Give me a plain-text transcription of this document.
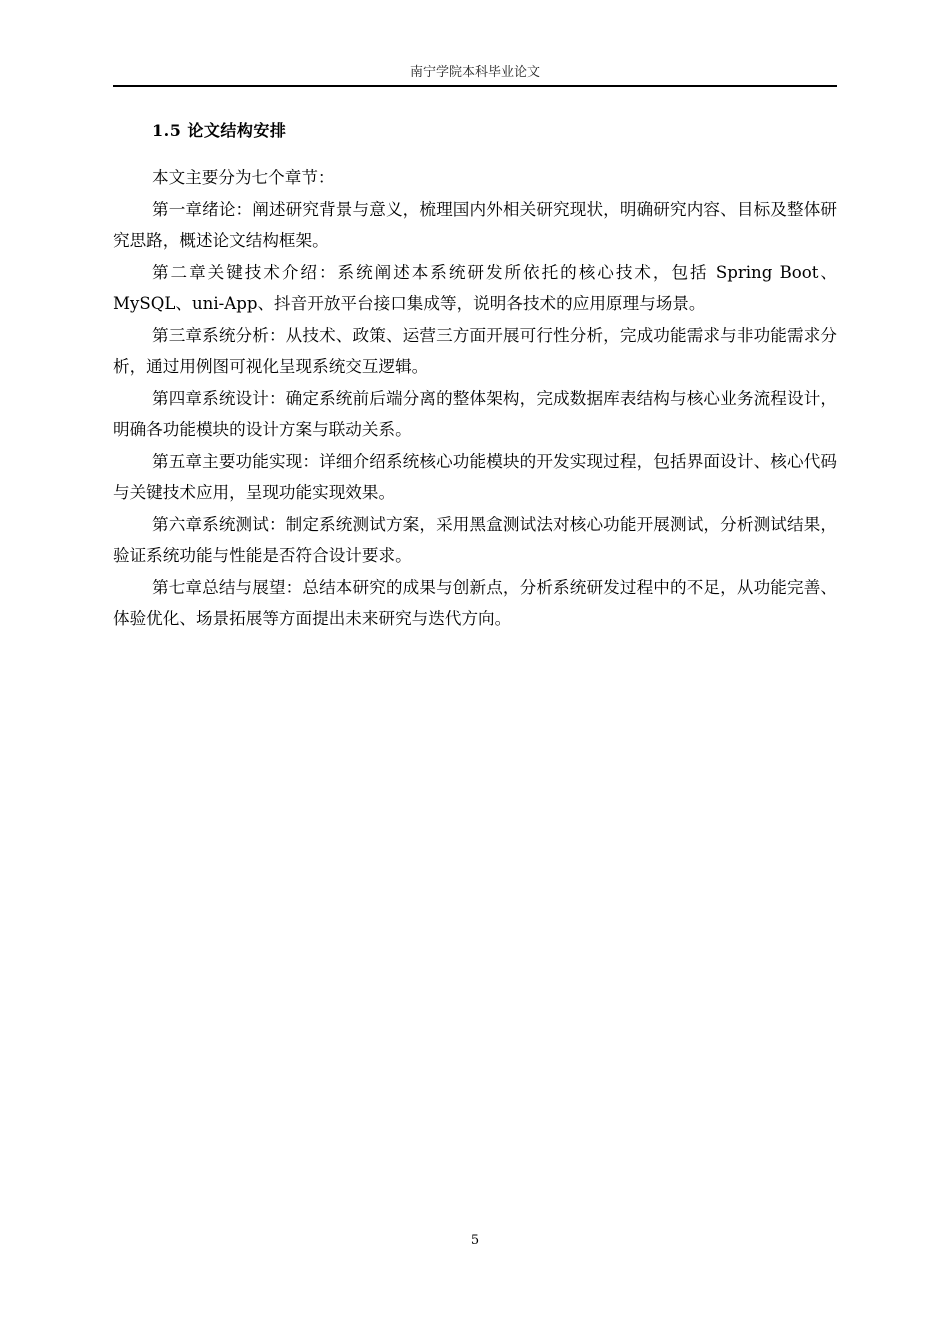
南宁学院本科毕业论文
1.5 论文结构安排

本文主要分为七个章节：

第一章绪论：阐述研究背景与意义，梳理国内外相关研究现状，明确研究内容、目标及整体研究思路，概述论文结构框架。

第二章关键技术介绍：系统阐述本系统研发所依托的核心技术，包括 Spring Boot、MySQL、uni-App、抖音开放平台接口集成等，说明各技术的应用原理与场景。

第三章系统分析：从技术、政策、运营三方面开展可行性分析，完成功能需求与非功能需求分析，通过用例图可视化呈现系统交互逻辑。

第四章系统设计：确定系统前后端分离的整体架构，完成数据库表结构与核心业务流程设计，明确各功能模块的设计方案与联动关系。

第五章主要功能实现：详细介绍系统核心功能模块的开发实现过程，包括界面设计、核心代码与关键技术应用，呈现功能实现效果。

第六章系统测试：制定系统测试方案，采用黑盒测试法对核心功能开展测试，分析测试结果，验证系统功能与性能是否符合设计要求。

第七章总结与展望：总结本研究的成果与创新点，分析系统研发过程中的不足，从功能完善、体验优化、场景拓展等方面提出未来研究与迭代方向。

5
